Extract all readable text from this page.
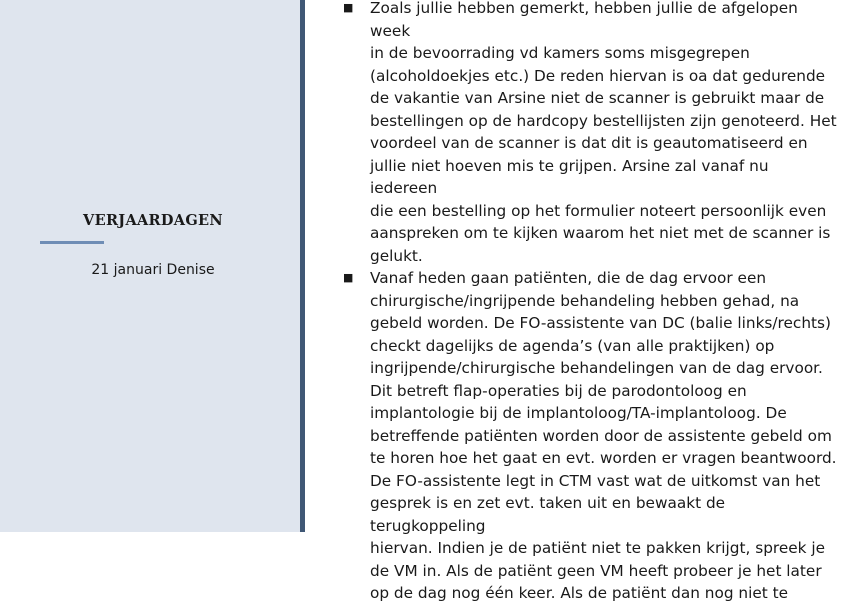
VERJAARDAGEN
21 januari Denise
■ Zoals jullie hebben gemerkt, hebben jullie de afgelopen week
in de bevoorrading vd kamers soms misgegrepen
(alcoholdoekjes etc.) De reden hiervan is oa dat gedurende
de vakantie van Arsine niet de scanner is gebruikt maar de
bestellingen op de hardcopy bestellijsten zijn genoteerd. Het
voordeel van de scanner is dat dit is geautomatiseerd en
jullie niet hoeven mis te grijpen. Arsine zal vanaf nu iedereen
die een bestelling op het formulier noteert persoonlijk even
aanspreken om te kijken waarom het niet met de scanner is
gelukt.
■ Vanaf heden gaan patiënten, die de dag ervoor een
chirurgische/ingrijpende behandeling hebben gehad, na
gebeld worden. De FO-assistente van DC (balie links/rechts)
checkt dagelijks de agenda’s (van alle praktijken) op
ingrijpende/chirurgische behandelingen van de dag ervoor.
Dit betreft flap-operaties bij de parodontoloog en
implantologie bij de implantoloog/TA-implantoloog. De
betreffende patiënten worden door de assistente gebeld om
te horen hoe het gaat en evt. worden er vragen beantwoord.
De FO-assistente legt in CTM vast wat de uitkomst van het
gesprek is en zet evt. taken uit en bewaakt de terugkoppeling
hiervan. Indien je de patiënt niet te pakken krijgt, spreek je
de VM in. Als de patiënt geen VM heeft probeer je het later
op de dag nog één keer. Als de patiënt dan nog niet te
